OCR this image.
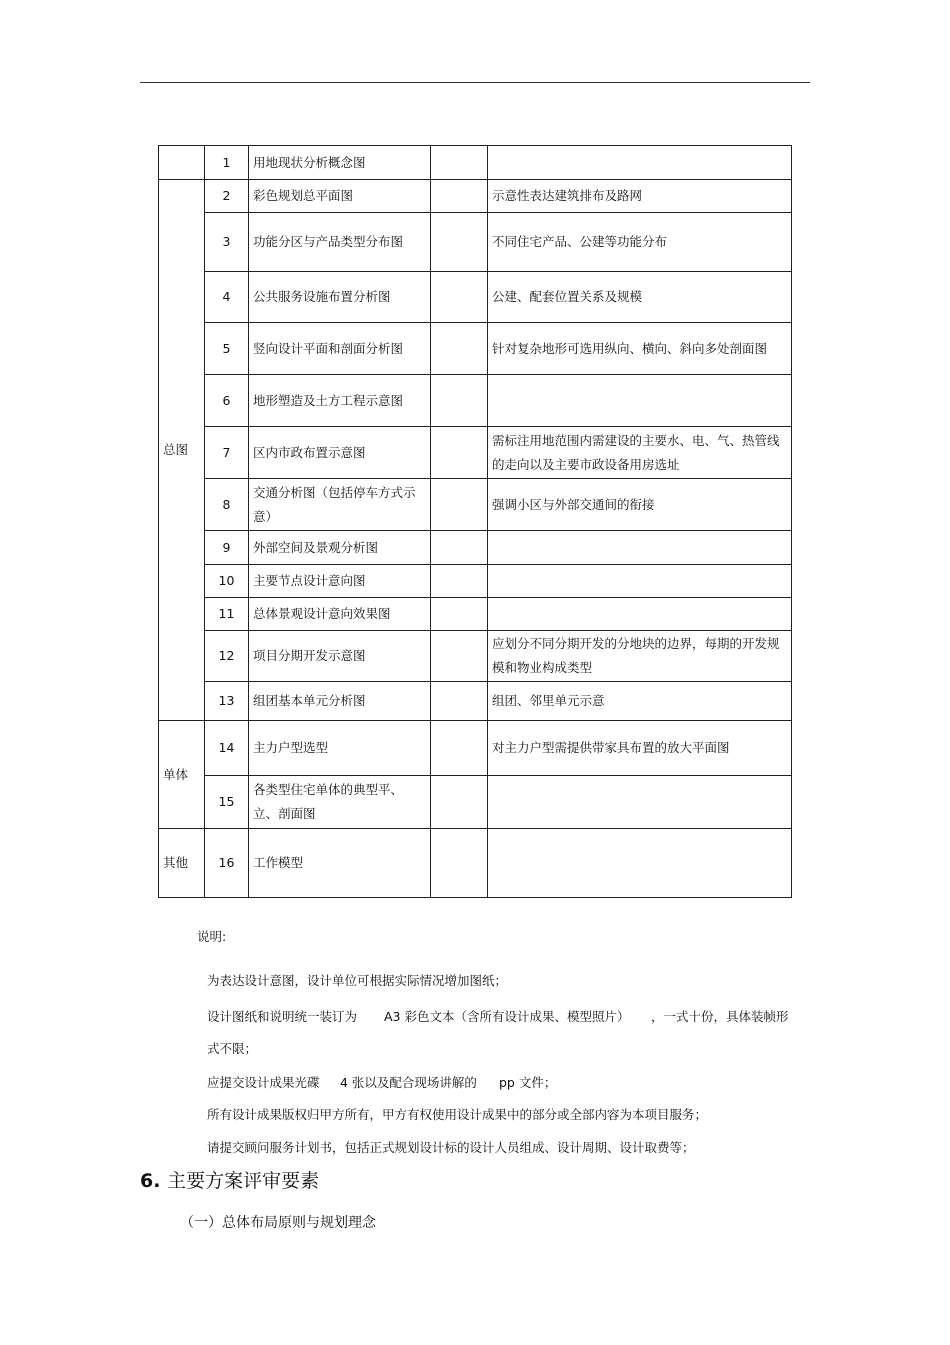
	1	用地现状分析概念图		
总图	2	彩色规划总平面图		示意性表达建筑排布及路网
	3	功能分区与产品类型分布图		不同住宅产品、公建等功能分布
	4	公共服务设施布置分析图		公建、配套位置关系及规模
	5	竖向设计平面和剖面分析图		针对复杂地形可选用纵向、横向、斜向多处剖面图
	6	地形塑造及土方工程示意图		
	7	区内市政布置示意图		需标注用地范围内需建设的主要水、电、气、热管线的走向以及主要市政设备用房选址
	8	交通分析图（包括停车方式示意）		强调小区与外部交通间的衔接
	9	外部空间及景观分析图		
	10	主要节点设计意向图		
	11	总体景观设计意向效果图		
	12	项目分期开发示意图		应划分不同分期开发的分地块的边界，每期的开发规模和物业构成类型
	13	组团基本单元分析图		组团、邻里单元示意
单体	14	主力户型选型		对主力户型需提供带家具布置的放大平面图
	15	各类型住宅单体的典型平、立、剖面图		
其他	16	工作模型		
说明:
为表达设计意图，设计单位可根据实际情况增加图纸；
设计图纸和说明统一装订为 A3 彩色文本（含所有设计成果、模型照片） ，一式十份，具体装帧形
式不限；
应提交设计成果光碟 4 张以及配合现场讲解的 pp 文件；
所有设计成果版权归甲方所有，甲方有权使用设计成果中的部分或全部内容为本项目服务；
请提交顾问服务计划书，包括正式规划设计标的设计人员组成、设计周期、设计取费等；
6. 主要方案评审要素
（一）总体布局原则与规划理念
